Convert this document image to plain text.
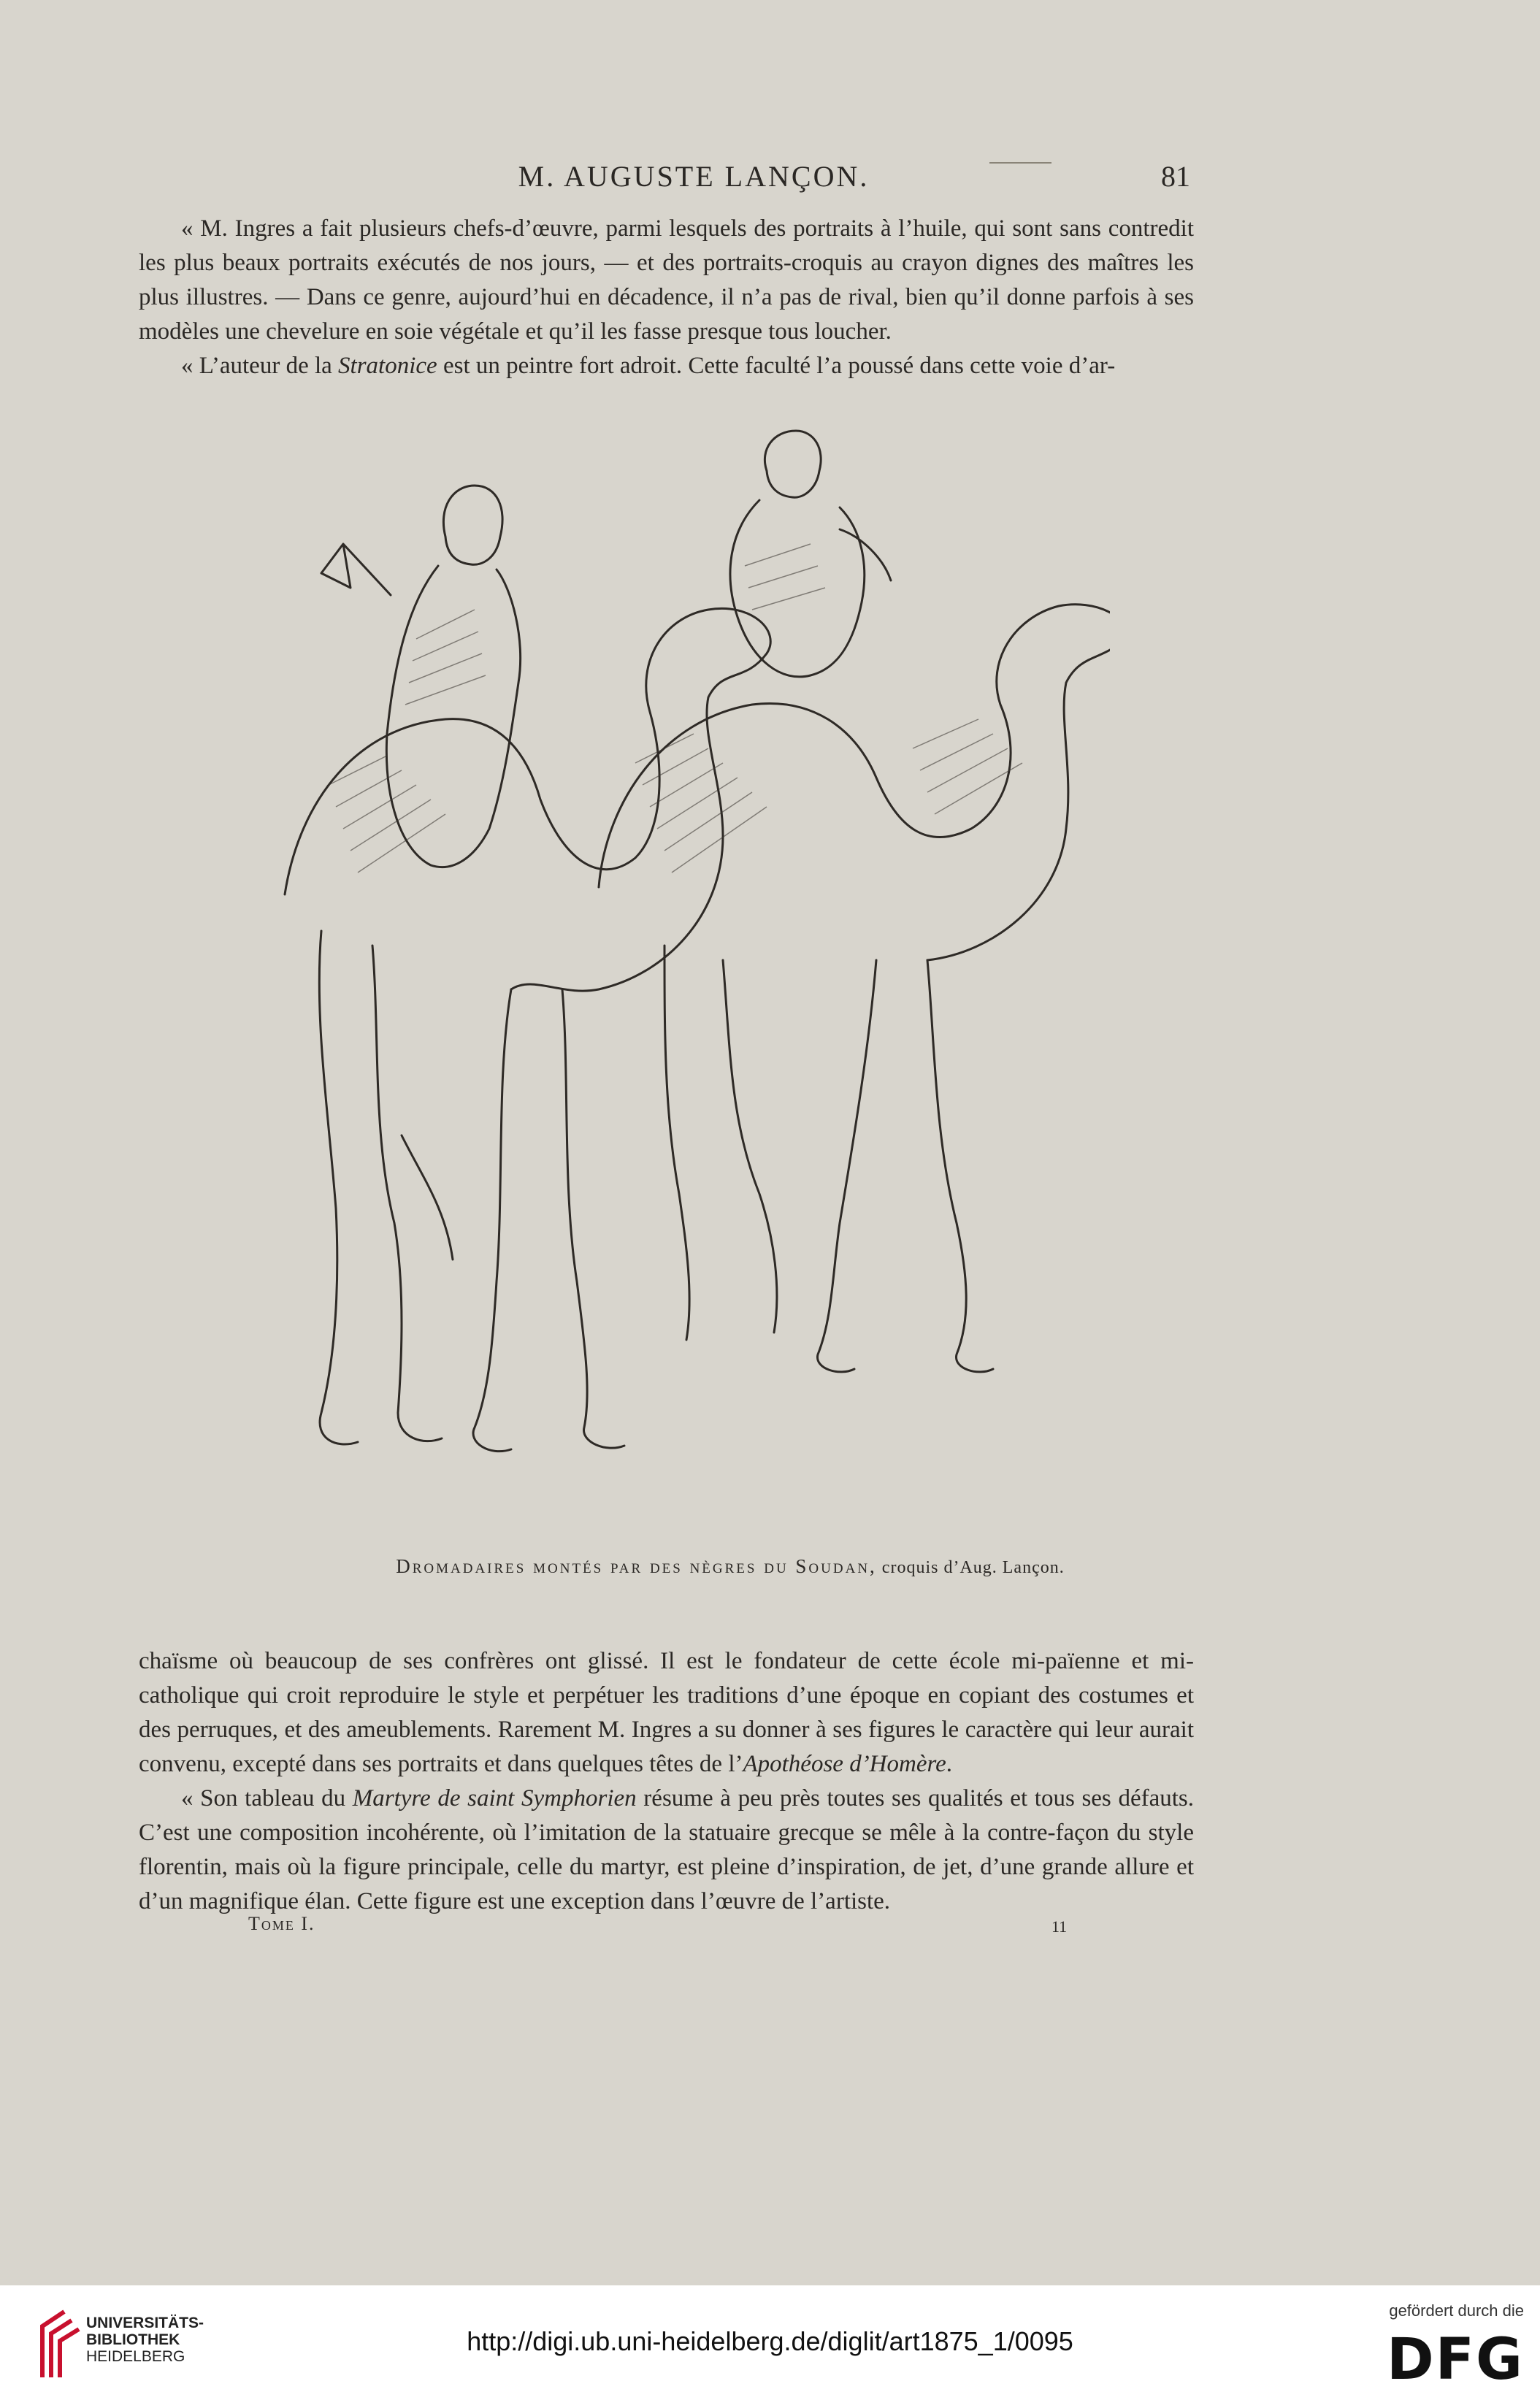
M. AUGUSTE LANÇON.	81

« M. Ingres a fait plusieurs chefs-d’œuvre, parmi lesquels des portraits à l’huile, qui sont sans contredit les plus beaux portraits exécutés de nos jours, — et des portraits-croquis au crayon dignes des maîtres les plus illustres. — Dans ce genre, aujourd’hui en décadence, il n’a pas de rival, bien qu’il donne parfois à ses modèles une chevelure en soie végétale et qu’il les fasse presque tous loucher.

« L’auteur de la Stratonice est un peintre fort adroit. Cette faculté l’a poussé dans cette voie d’ar-

Dromadaires montés par des nègres du Soudan, croquis d’Aug. Lançon.

chaïsme où beaucoup de ses confrères ont glissé. Il est le fondateur de cette école mi-païenne et mi-catholique qui croit reproduire le style et perpétuer les traditions d’une époque en copiant des costumes et des perruques, et des ameublements. Rarement M. Ingres a su donner à ses figures le caractère qui leur aurait convenu, excepté dans ses portraits et dans quelques têtes de l’Apothéose d’Homère.

« Son tableau du Martyre de saint Symphorien résume à peu près toutes ses qualités et tous ses défauts. C’est une composition incohérente, où l’imitation de la statuaire grecque se mêle à la contre-façon du style florentin, mais où la figure principale, celle du martyr, est pleine d’inspiration, de jet, d’une grande allure et d’un magnifique élan. Cette figure est une exception dans l’œuvre de l’artiste.

Tome I.	11
UNIVERSITÄTS-
BIBLIOTHEK
HEIDELBERG
http://digi.ub.uni-heidelberg.de/diglit/art1875_1/0095
gefördert durch die
DFG
